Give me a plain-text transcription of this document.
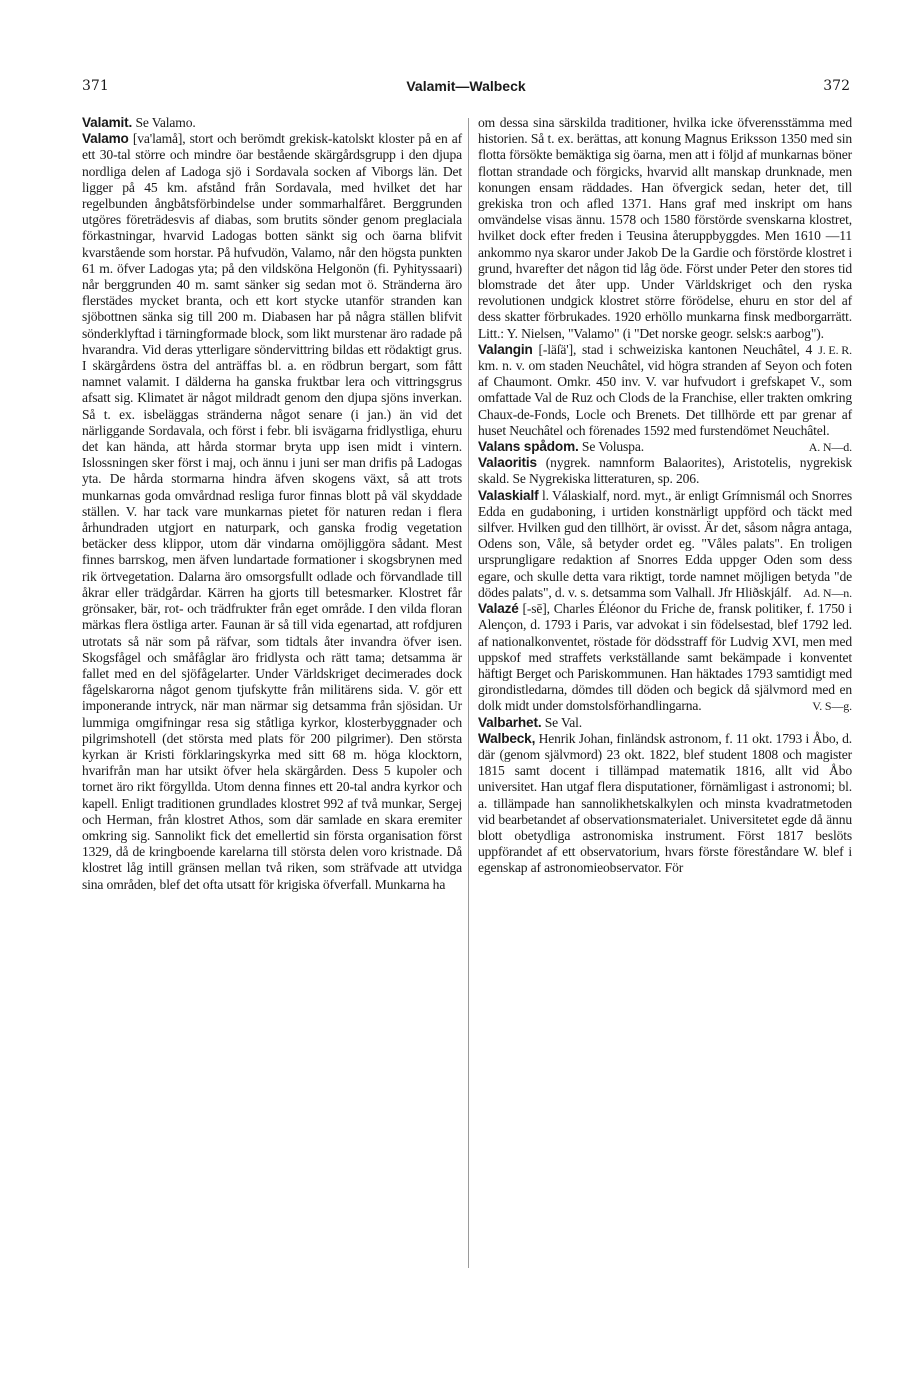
371	Valamit—Walbeck	372

Valamit. Se Valamo.

Valamo [va'lamå], stort och berömdt grekisk-katolskt kloster på en af ett 30-tal större och mindre öar bestående skärgårdsgrupp i den djupa nordliga delen af Ladoga sjö i Sordavala socken af Viborgs län. Det ligger på 45 km. afstånd från Sordavala, med hvilket det har regelbunden ångbåtsförbindelse under sommarhalfåret. Berggrunden utgöres företrädesvis af diabas, som brutits sönder genom preglaciala förkastningar, hvarvid Ladogas botten sänkt sig och öarna blifvit kvarstående som horstar. På hufvudön, Valamo, når den högsta punkten 61 m. öfver Ladogas yta; på den vildsköna Helgonön (fi. Pyhityssaari) når berggrunden 40 m. samt sänker sig sedan mot ö. Stränderna äro flerstädes mycket branta, och ett kort stycke utanför stranden kan sjöbottnen sänka sig till 200 m. Diabasen har på några ställen blifvit sönderklyftad i tärningformade block, som likt murstenar äro radade på hvarandra. Vid deras ytterligare söndervittring bildas ett rödaktigt grus. I skärgårdens östra del anträffas bl. a. en rödbrun bergart, som fått namnet valamit. I dälderna ha ganska fruktbar lera och vittringsgrus afsatt sig. Klimatet är något mildradt genom den djupa sjöns inverkan. Så t. ex. isbeläggas stränderna något senare (i jan.) än vid det närliggande Sordavala, och först i febr. bli isvägarna fridlystliga, ehuru det kan hända, att hårda stormar bryta upp isen midt i vintern. Islossningen sker först i maj, och ännu i juni ser man drifis på Ladogas yta. De hårda stormarna hindra äfven skogens växt, så att trots munkarnas goda omvårdnad resliga furor finnas blott på väl skyddade ställen. V. har tack vare munkarnas pietet för naturen redan i flera århundraden utgjort en naturpark, och ganska frodig vegetation betäcker dess klippor, utom där vindarna omöjliggöra sådant. Mest finnes barrskog, men äfven lundartade formationer i skogsbrynen med rik örtvegetation. Dalarna äro omsorgsfullt odlade och förvandlade till åkrar eller trädgårdar. Kärren ha gjorts till betesmarker. Klostret får grönsaker, bär, rot- och trädfrukter från eget område. I den vilda floran märkas flera östliga arter. Faunan är så till vida egenartad, att rofdjuren utrotats så när som på räfvar, som tidtals åter invandra öfver isen. Skogsfågel och småfåglar äro fridlysta och rätt tama; detsamma är fallet med en del sjöfågelarter. Under Världskriget decimerades dock fågelskarorna något genom tjufskytte från militärens sida. V. gör ett imponerande intryck, när man närmar sig detsamma från sjösidan. Ur lummiga omgifningar resa sig ståtliga kyrkor, klosterbyggnader och pilgrimshotell (det största med plats för 200 pilgrimer). Den största kyrkan är Kristi förklaringskyrka med sitt 68 m. höga klocktorn, hvarifrån man har utsikt öfver hela skärgården. Dess 5 kupoler och tornet äro rikt förgyllda. Utom denna finnes ett 20-tal andra kyrkor och kapell. Enligt traditionen grundlades klostret 992 af två munkar, Sergej och Herman, från klostret Athos, som där samlade en skara eremiter omkring sig. Sannolikt fick det emellertid sin första organisation först 1329, då de kringboende karelarna till största delen voro kristnade. Då klostret låg intill gränsen mellan två riken, som sträfvade att utvidga sina områden, blef det ofta utsatt för krigiska öfverfall. Munkarna ha

om dessa sina särskilda traditioner, hvilka icke öfverensstämma med historien. Så t. ex. berättas, att konung Magnus Eriksson 1350 med sin flotta försökte bemäktiga sig öarna, men att i följd af munkarnas böner flottan strandade och förgicks, hvarvid allt manskap drunknade, men konungen ensam räddades. Han öfvergick sedan, heter det, till grekiska tron och afled 1371. Hans graf med inskript om hans omvändelse visas ännu. 1578 och 1580 förstörde svenskarna klostret, hvilket dock efter freden i Teusina återuppbyggdes. Men 1610 —11 ankommo nya skaror under Jakob De la Gardie och förstörde klostret i grund, hvarefter det någon tid låg öde. Först under Peter den stores tid blomstrade det åter upp. Under Världskriget och den ryska revolutionen undgick klostret större förödelse, ehuru en stor del af dess skatter förbrukades. 1920 erhöllo munkarna finsk medborgarrätt. Litt.: Y. Nielsen, "Valamo" (i "Det norske geogr. selsk:s aarbog").
J. E. R.

Valangin [-läſä'], stad i schweiziska kantonen Neuchâtel, 4 km. n. v. om staden Neuchâtel, vid högra stranden af Seyon och foten af Chaumont. Omkr. 450 inv. V. var hufvudort i grefskapet V., som omfattade Val de Ruz och Clods de la Franchise, eller trakten omkring Chaux-de-Fonds, Locle och Brenets. Det tillhörde ett par grenar af huset Neuchâtel och förenades 1592 med furstendömet Neuchâtel.
A. N—d.

Valans spådom. Se Voluspa.

Valaoritis (nygrek. namnform Balaorites), Aristotelis, nygrekisk skald. Se Nygrekiska litteraturen, sp. 206.

Valaskialf l. Válaskialf, nord. myt., är enligt Grímnismál och Snorres Edda en gudaboning, i urtiden konstnärligt uppförd och täckt med silfver. Hvilken gud den tillhört, är ovisst. Är det, såsom några antaga, Odens son, Våle, så betyder ordet eg. "Våles palats". En troligen ursprungligare redaktion af Snorres Edda uppger Oden som dess egare, och skulle detta vara riktigt, torde namnet möjligen betyda "de dödes palats", d. v. s. detsamma som Valhall. Jfr Hliðskjálf. Ad. N—n.

Valazé [-sē], Charles Éléonor du Friche de, fransk politiker, f. 1750 i Alençon, d. 1793 i Paris, var advokat i sin födelsestad, blef 1792 led. af nationalkonventet, röstade för dödsstraff för Ludvig XVI, men med uppskof med straffets verkställande samt bekämpade i konventet häftigt Berget och Pariskommunen. Han häktades 1793 samtidigt med girondistledarna, dömdes till döden och begick då självmord med en dolk midt under domstolsförhandlingarna.	V. S—g.

Valbarhet. Se Val.

Walbeck, Henrik Johan, finländsk astronom, f. 11 okt. 1793 i Åbo, d. där (genom självmord) 23 okt. 1822, blef student 1808 och magister 1815 samt docent i tillämpad matematik 1816, allt vid Åbo universitet. Han utgaf flera disputationer, förnämligast i astronomi; bl. a. tillämpade han sannolikhetskalkylen och minsta kvadratmetoden vid bearbetandet af observationsmaterialet. Universitetet egde då ännu blott obetydliga astronomiska instrument. Först 1817 beslöts uppförandet af ett observatorium, hvars förste föreståndare W. blef i egenskap af astronomieobservator. För
